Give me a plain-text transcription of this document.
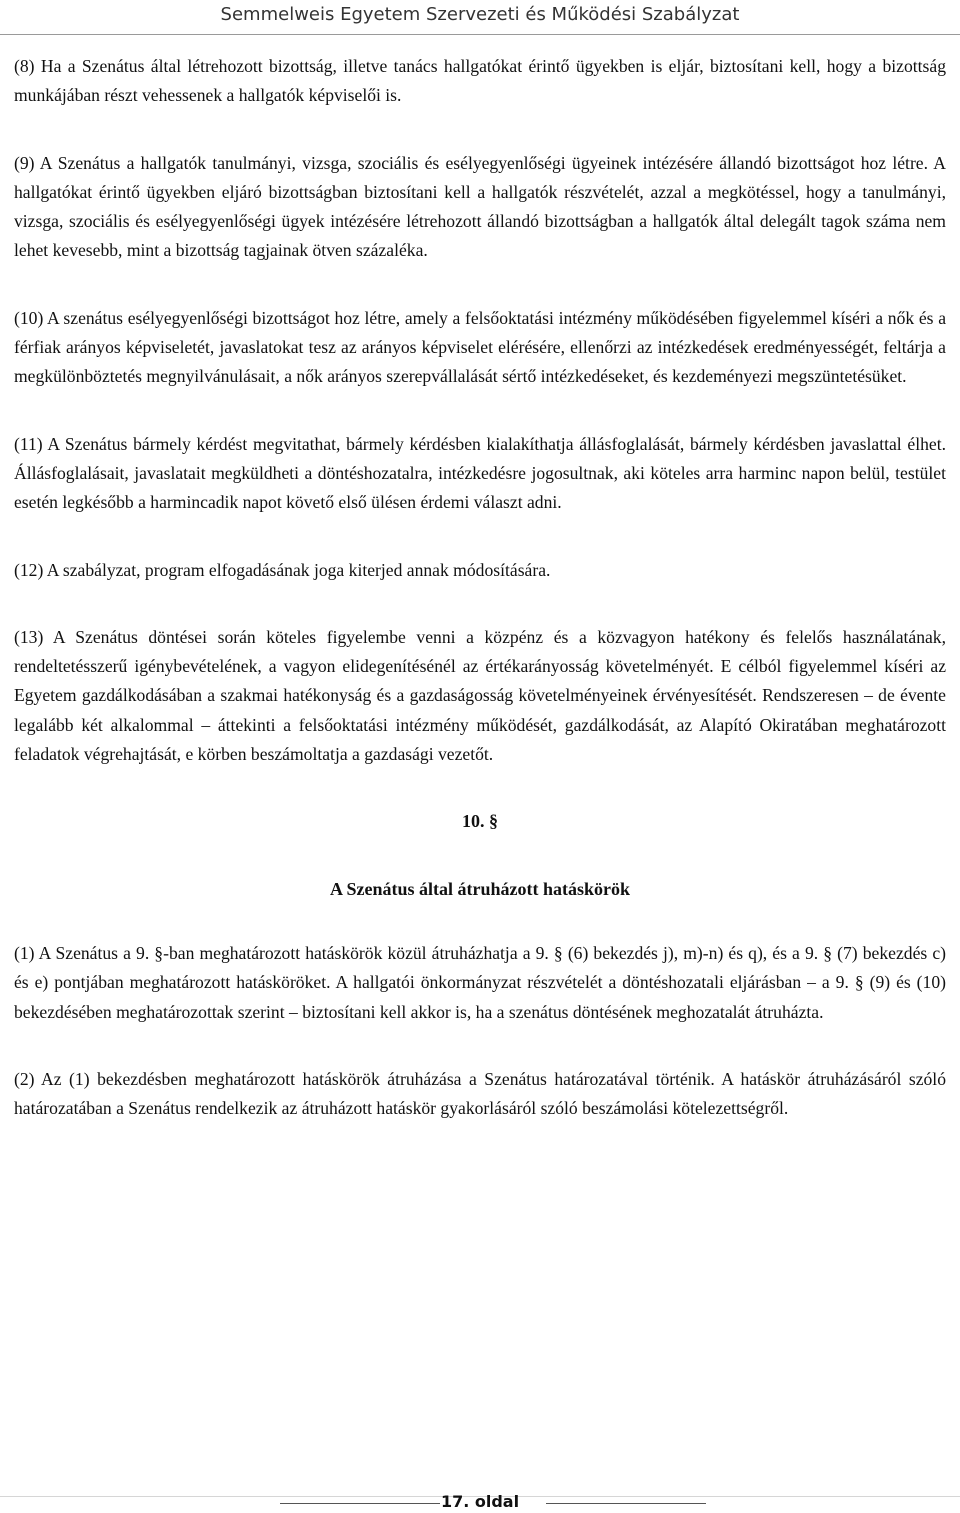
Semmelweis Egyetem Szervezeti és Működési Szabályzat

(8) Ha a Szenátus által létrehozott bizottság, illetve tanács hallgatókat érintő ügyekben is eljár, biztosítani kell, hogy a bizottság munkájában részt vehessenek a hallgatók képviselői is.

(9) A Szenátus a hallgatók tanulmányi, vizsga, szociális és esélyegyenlőségi ügyeinek intézésére állandó bizottságot hoz létre. A hallgatókat érintő ügyekben eljáró bizottságban biztosítani kell a hallgatók részvételét, azzal a megkötéssel, hogy a tanulmányi, vizsga, szociális és esélyegyenlőségi ügyek intézésére létrehozott állandó bizottságban a hallgatók által delegált tagok száma nem lehet kevesebb, mint a bizottság tagjainak ötven százaléka.

(10) A szenátus esélyegyenlőségi bizottságot hoz létre, amely a felsőoktatási intézmény működésében figyelemmel kíséri a nők és a férfiak arányos képviseletét, javaslatokat tesz az arányos képviselet elérésére, ellenőrzi az intézkedések eredményességét, feltárja a megkülönböztetés megnyilvánulásait, a nők arányos szerepvállalását sértő intézkedéseket, és kezdeményezi megszüntetésüket.

(11) A Szenátus bármely kérdést megvitathat, bármely kérdésben kialakíthatja állásfoglalását, bármely kérdésben javaslattal élhet. Állásfoglalásait, javaslatait megküldheti a döntéshozatalra, intézkedésre jogosultnak, aki köteles arra harminc napon belül, testület esetén legkésőbb a harmincadik napot követő első ülésen érdemi választ adni.

(12) A szabályzat, program elfogadásának joga kiterjed annak módosítására.

(13) A Szenátus döntései során köteles figyelembe venni a közpénz és a közvagyon hatékony és felelős használatának, rendeltetésszerű igénybevételének, a vagyon elidegenítésénél az értékarányosság követelményét. E célból figyelemmel kíséri az Egyetem gazdálkodásában a szakmai hatékonyság és a gazdaságosság követelményeinek érvényesítését. Rendszeresen – de évente legalább két alkalommal – áttekinti a felsőoktatási intézmény működését, gazdálkodását, az Alapító Okiratában meghatározott feladatok végrehajtását, e körben beszámoltatja a gazdasági vezetőt.

10. §

A Szenátus által átruházott hatáskörök

(1) A Szenátus a 9. §-ban meghatározott hatáskörök közül átruházhatja a 9. § (6) bekezdés j), m)-n) és q), és a 9. § (7) bekezdés c) és e) pontjában meghatározott hatásköröket. A hallgatói önkormányzat részvételét a döntéshozatali eljárásban – a 9. § (9) és (10) bekezdésében meghatározottak szerint – biztosítani kell akkor is, ha a szenátus döntésének meghozatalát átruházta.

(2) Az (1) bekezdésben meghatározott hatáskörök átruházása a Szenátus határozatával történik. A hatáskör átruházásáról szóló határozatában a Szenátus rendelkezik az átruházott hatáskör gyakorlásáról szóló beszámolási kötelezettségről.

17. oldal
